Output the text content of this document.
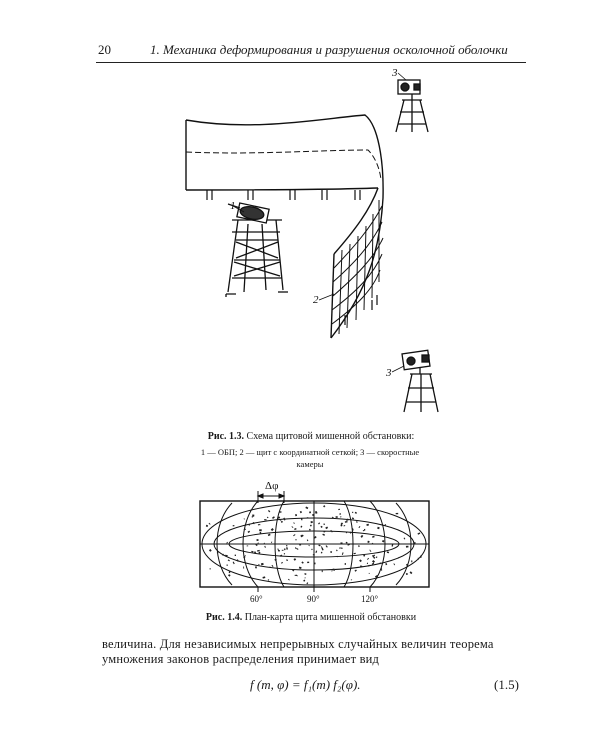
20	1. Механика деформирования и разрушения осколочной оболочки
1
2
3
3
Δφ
60°	90°	120°
Рис. 1.3. Схема щитовой мишенной обстановки:
1 — ОБП; 2 — щит с координатной сеткой; 3 — скоростные
камеры
Рис. 1.4. План-карта щита мишенной обстановки
величина. Для независимых непрерывных случайных величин теорема
умножения законов распределения принимает вид
f (m, φ) = f₁(m) f₂(φ).	(1.5)
